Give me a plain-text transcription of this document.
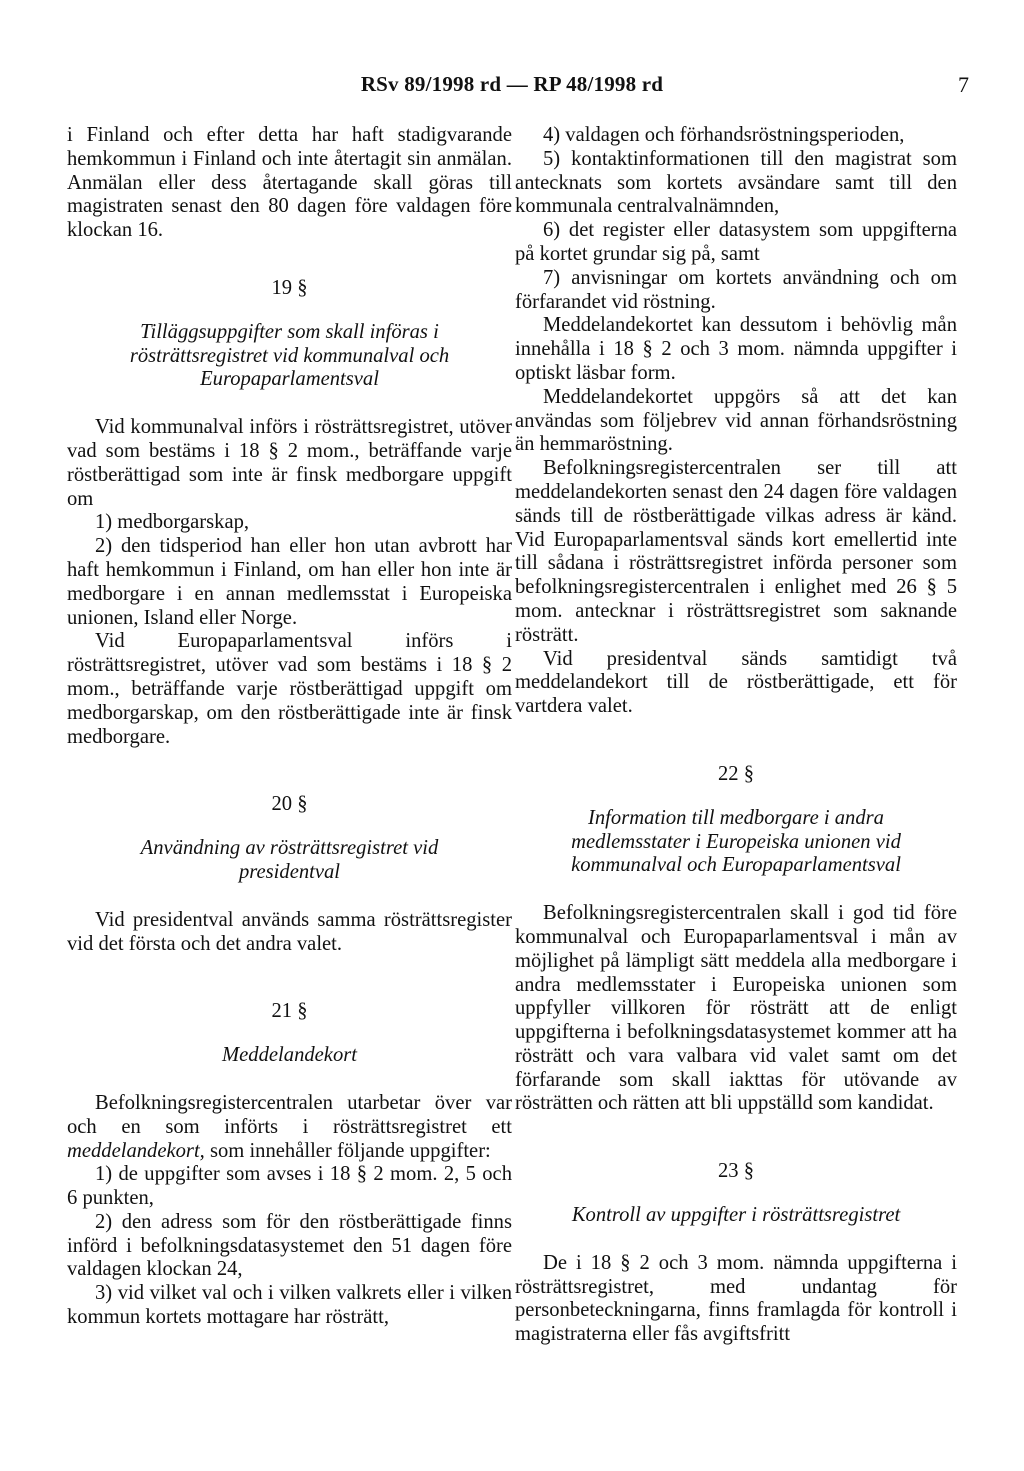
RSv 89/1998 rd — RP 48/1998 rd	7

i Finland och efter detta har haft stadigvarande hemkommun i Finland och inte återtagit sin anmälan. Anmälan eller dess återtagande skall göras till magistraten senast den 80 dagen före valdagen före klockan 16.

19 §
Tilläggsuppgifter som skall införas i
rösträttsregistret vid kommunalval och
Europaparlamentsval

Vid kommunalval införs i rösträttsregistret, utöver vad som bestäms i 18 § 2 mom., beträffande varje röstberättigad som inte är finsk medborgare uppgift om

1) medborgarskap,

2) den tidsperiod han eller hon utan avbrott har haft hemkommun i Finland, om han eller hon inte är medborgare i en annan medlemsstat i Europeiska unionen, Island eller Norge.

Vid Europaparlamentsval införs i rösträttsregistret, utöver vad som bestäms i 18 § 2 mom., beträffande varje röstberättigad uppgift om medborgarskap, om den röstberättigade inte är finsk medborgare.

20 §
Användning av rösträttsregistret vid
presidentval

Vid presidentval används samma rösträttsregister vid det första och det andra valet.

21 §
Meddelandekort

Befolkningsregistercentralen utarbetar över var och en som införts i rösträttsregistret ett meddelandekort, som innehåller följande uppgifter:

1) de uppgifter som avses i 18 § 2 mom. 2, 5 och 6 punkten,

2) den adress som för den röstberättigade finns införd i befolkningsdatasystemet den 51 dagen före valdagen klockan 24,

3) vid vilket val och i vilken valkrets eller i vilken kommun kortets mottagare har rösträtt,

4) valdagen och förhandsröstningsperioden,

5) kontaktinformationen till den magistrat som antecknats som kortets avsändare samt till den kommunala centralvalnämnden,

6) det register eller datasystem som uppgifterna på kortet grundar sig på, samt

7) anvisningar om kortets användning och om förfarandet vid röstning.

Meddelandekortet kan dessutom i behövlig mån innehålla i 18 § 2 och 3 mom. nämnda uppgifter i optiskt läsbar form.

Meddelandekortet uppgörs så att det kan användas som följebrev vid annan förhandsröstning än hemmaröstning.

Befolkningsregistercentralen ser till att meddelandekorten senast den 24 dagen före valdagen sänds till de röstberättigade vilkas adress är känd. Vid Europaparlamentsval sänds kort emellertid inte till sådana i rösträttsregistret införda personer som befolkningsregistercentralen i enlighet med 26 § 5 mom. antecknar i rösträttsregistret som saknande rösträtt.

Vid presidentval sänds samtidigt två meddelandekort till de röstberättigade, ett för vartdera valet.

22 §
Information till medborgare i andra
medlemsstater i Europeiska unionen vid
kommunalval och Europaparlamentsval

Befolkningsregistercentralen skall i god tid före kommunalval och Europaparlamentsval i mån av möjlighet på lämpligt sätt meddela alla medborgare i andra medlemsstater i Europeiska unionen som uppfyller villkoren för rösträtt att de enligt uppgifterna i befolkningsdatasystemet kommer att ha rösträtt och vara valbara vid valet samt om det förfarande som skall iakttas för utövande av rösträtten och rätten att bli uppställd som kandidat.

23 §
Kontroll av uppgifter i rösträttsregistret

De i 18 § 2 och 3 mom. nämnda uppgifterna i rösträttsregistret, med undantag för personbeteckningarna, finns framlagda för kontroll i magistraterna eller fås avgiftsfritt
